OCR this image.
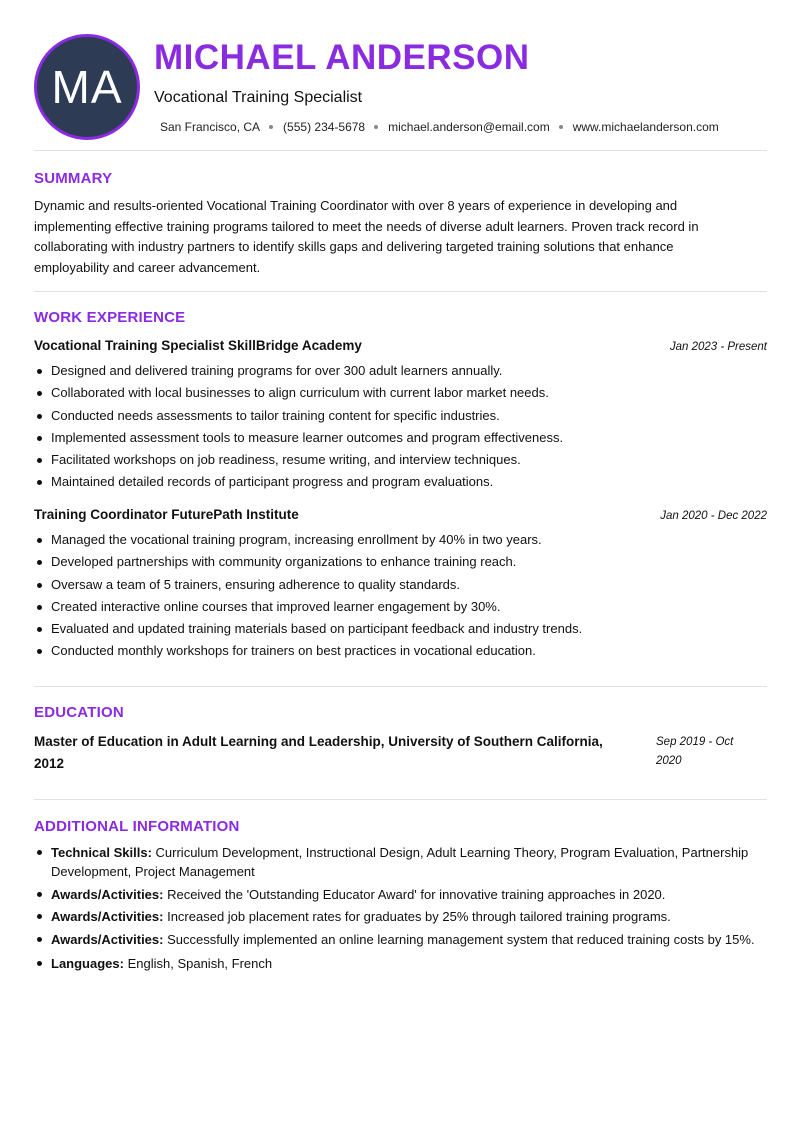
MA
MICHAEL ANDERSON
Vocational Training Specialist
San Francisco, CA (555) 234-5678 michael.anderson@email.com www.michaelanderson.com
SUMMARY
Dynamic and results-oriented Vocational Training Coordinator with over 8 years of experience in developing and implementing effective training programs tailored to meet the needs of diverse adult learners. Proven track record in collaborating with industry partners to identify skills gaps and delivering targeted training solutions that enhance employability and career advancement.
WORK EXPERIENCE
Vocational Training Specialist SkillBridge Academy	Jan 2023 - Present
Designed and delivered training programs for over 300 adult learners annually.
Collaborated with local businesses to align curriculum with current labor market needs.
Conducted needs assessments to tailor training content for specific industries.
Implemented assessment tools to measure learner outcomes and program effectiveness.
Facilitated workshops on job readiness, resume writing, and interview techniques.
Maintained detailed records of participant progress and program evaluations.
Training Coordinator FuturePath Institute	Jan 2020 - Dec 2022
Managed the vocational training program, increasing enrollment by 40% in two years.
Developed partnerships with community organizations to enhance training reach.
Oversaw a team of 5 trainers, ensuring adherence to quality standards.
Created interactive online courses that improved learner engagement by 30%.
Evaluated and updated training materials based on participant feedback and industry trends.
Conducted monthly workshops for trainers on best practices in vocational education.
EDUCATION
Master of Education in Adult Learning and Leadership, University of Southern California, 2012
Sep 2019 - Oct 2020
ADDITIONAL INFORMATION
Technical Skills: Curriculum Development, Instructional Design, Adult Learning Theory, Program Evaluation, Partnership Development, Project Management
Awards/Activities: Received the 'Outstanding Educator Award' for innovative training approaches in 2020.
Awards/Activities: Increased job placement rates for graduates by 25% through tailored training programs.
Awards/Activities: Successfully implemented an online learning management system that reduced training costs by 15%.
Languages: English, Spanish, French
